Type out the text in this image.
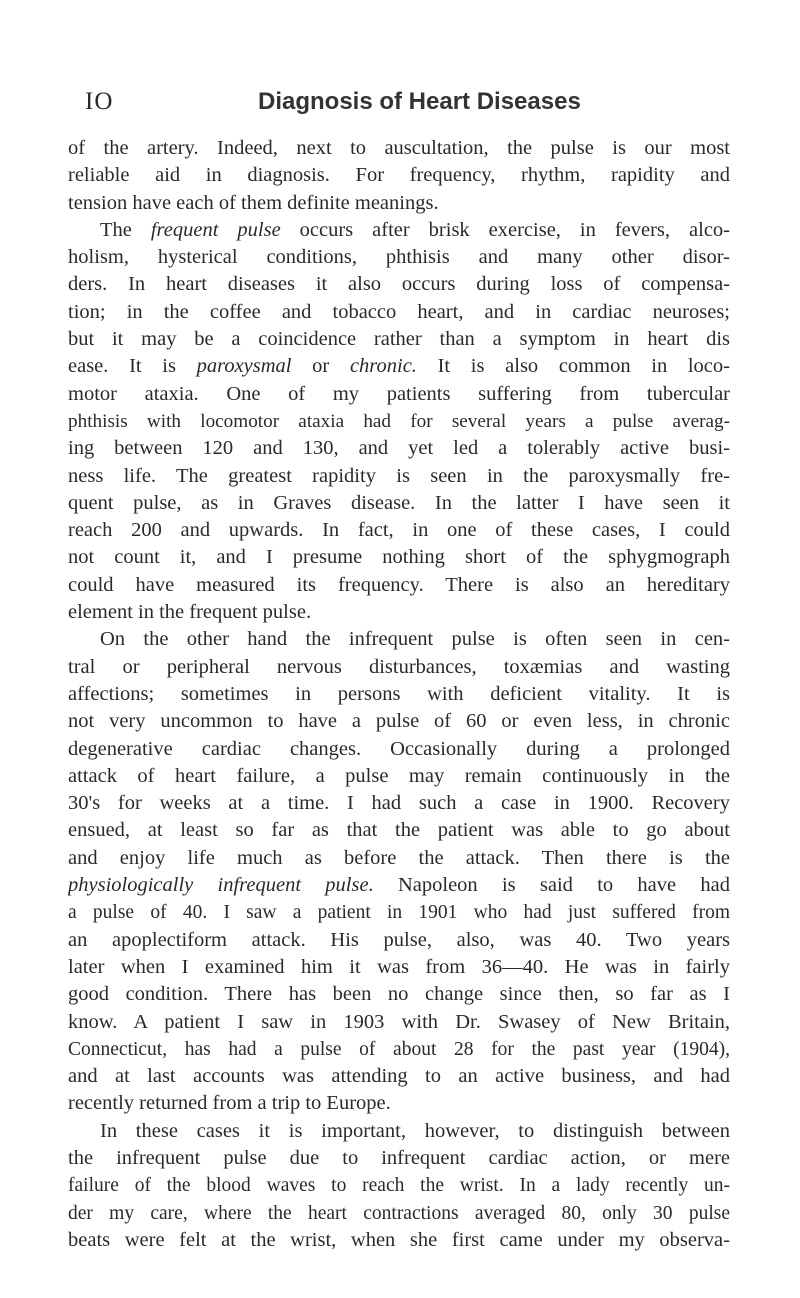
IO	Diagnosis of Heart Diseases
of the artery. Indeed, next to auscultation, the pulse is our most
reliable aid in diagnosis. For frequency, rhythm, rapidity and
tension have each of them definite meanings.
The frequent pulse occurs after brisk exercise, in fevers, alco-
holism, hysterical conditions, phthisis and many other disor-
ders. In heart diseases it also occurs during loss of compensa-
tion; in the coffee and tobacco heart, and in cardiac neuroses;
but it may be a coincidence rather than a symptom in heart dis
ease. It is paroxysmal or chronic. It is also common in loco-
motor ataxia. One of my patients suffering from tubercular
phthisis with locomotor ataxia had for several years a pulse averag-
ing between 120 and 130, and yet led a tolerably active busi-
ness life. The greatest rapidity is seen in the paroxysmally fre-
quent pulse, as in Graves disease. In the latter I have seen it
reach 200 and upwards. In fact, in one of these cases, I could
not count it, and I presume nothing short of the sphygmograph
could have measured its frequency. There is also an hereditary
element in the frequent pulse.
On the other hand the infrequent pulse is often seen in cen-
tral or peripheral nervous disturbances, toxæmias and wasting
affections; sometimes in persons with deficient vitality. It is
not very uncommon to have a pulse of 60 or even less, in chronic
degenerative cardiac changes. Occasionally during a prolonged
attack of heart failure, a pulse may remain continuously in the
30's for weeks at a time. I had such a case in 1900. Recovery
ensued, at least so far as that the patient was able to go about
and enjoy life much as before the attack. Then there is the
physiologically infrequent pulse. Napoleon is said to have had
a pulse of 40. I saw a patient in 1901 who had just suffered from
an apoplectiform attack. His pulse, also, was 40. Two years
later when I examined him it was from 36—40. He was in fairly
good condition. There has been no change since then, so far as I
know. A patient I saw in 1903 with Dr. Swasey of New Britain,
Connecticut, has had a pulse of about 28 for the past year (1904),
and at last accounts was attending to an active business, and had
recently returned from a trip to Europe.
In these cases it is important, however, to distinguish between
the infrequent pulse due to infrequent cardiac action, or mere
failure of the blood waves to reach the wrist. In a lady recently un-
der my care, where the heart contractions averaged 80, only 30 pulse
beats were felt at the wrist, when she first came under my observa-
